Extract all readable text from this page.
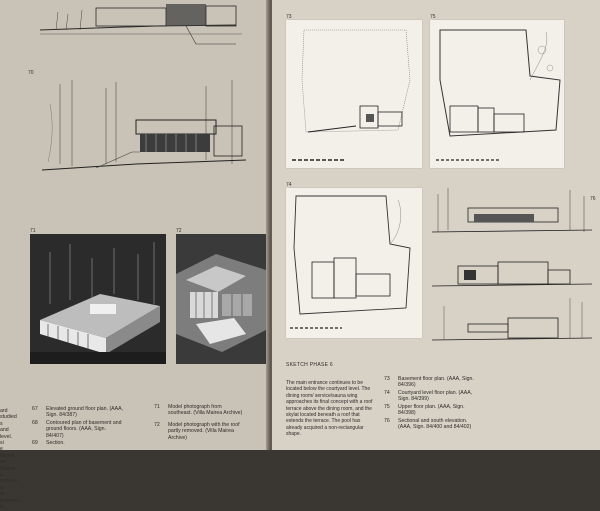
70
71	72
ard studied
s and level. si
e formal
ue l'ouvre a
contour a
ar entrance is
67 Elevated ground floor plan. (AAA, Sign. 84/387)
68 Contoured plan of basement and ground floors. (AAA, Sign. 84/407)
69 Section.
71 Model photograph from southeast. (Villa Mairea Archive)
72 Model photograph with the roof partly removed. (Villa Mairea Archive)
73	75
74
76
SKETCH PHASE 6
The main entrance continues to be located below the courtyard level. The dining room/ service/sauna wing approaches its final concept with a roof terrace above the dining room, and the skylat located beneath a roof that extends the terrace. The pool has already acquired a non-rectangular shape.
73 Basement floor plan. (AAA, Sign. 84/396)
74 Courtyard level floor plan. (AAA, Sign. 84/399)
75 Upper floor plan. (AAA, Sign. 84/398)
76 Sectional and south elevation. (AAA, Sign. 84/400 and 84/402)
